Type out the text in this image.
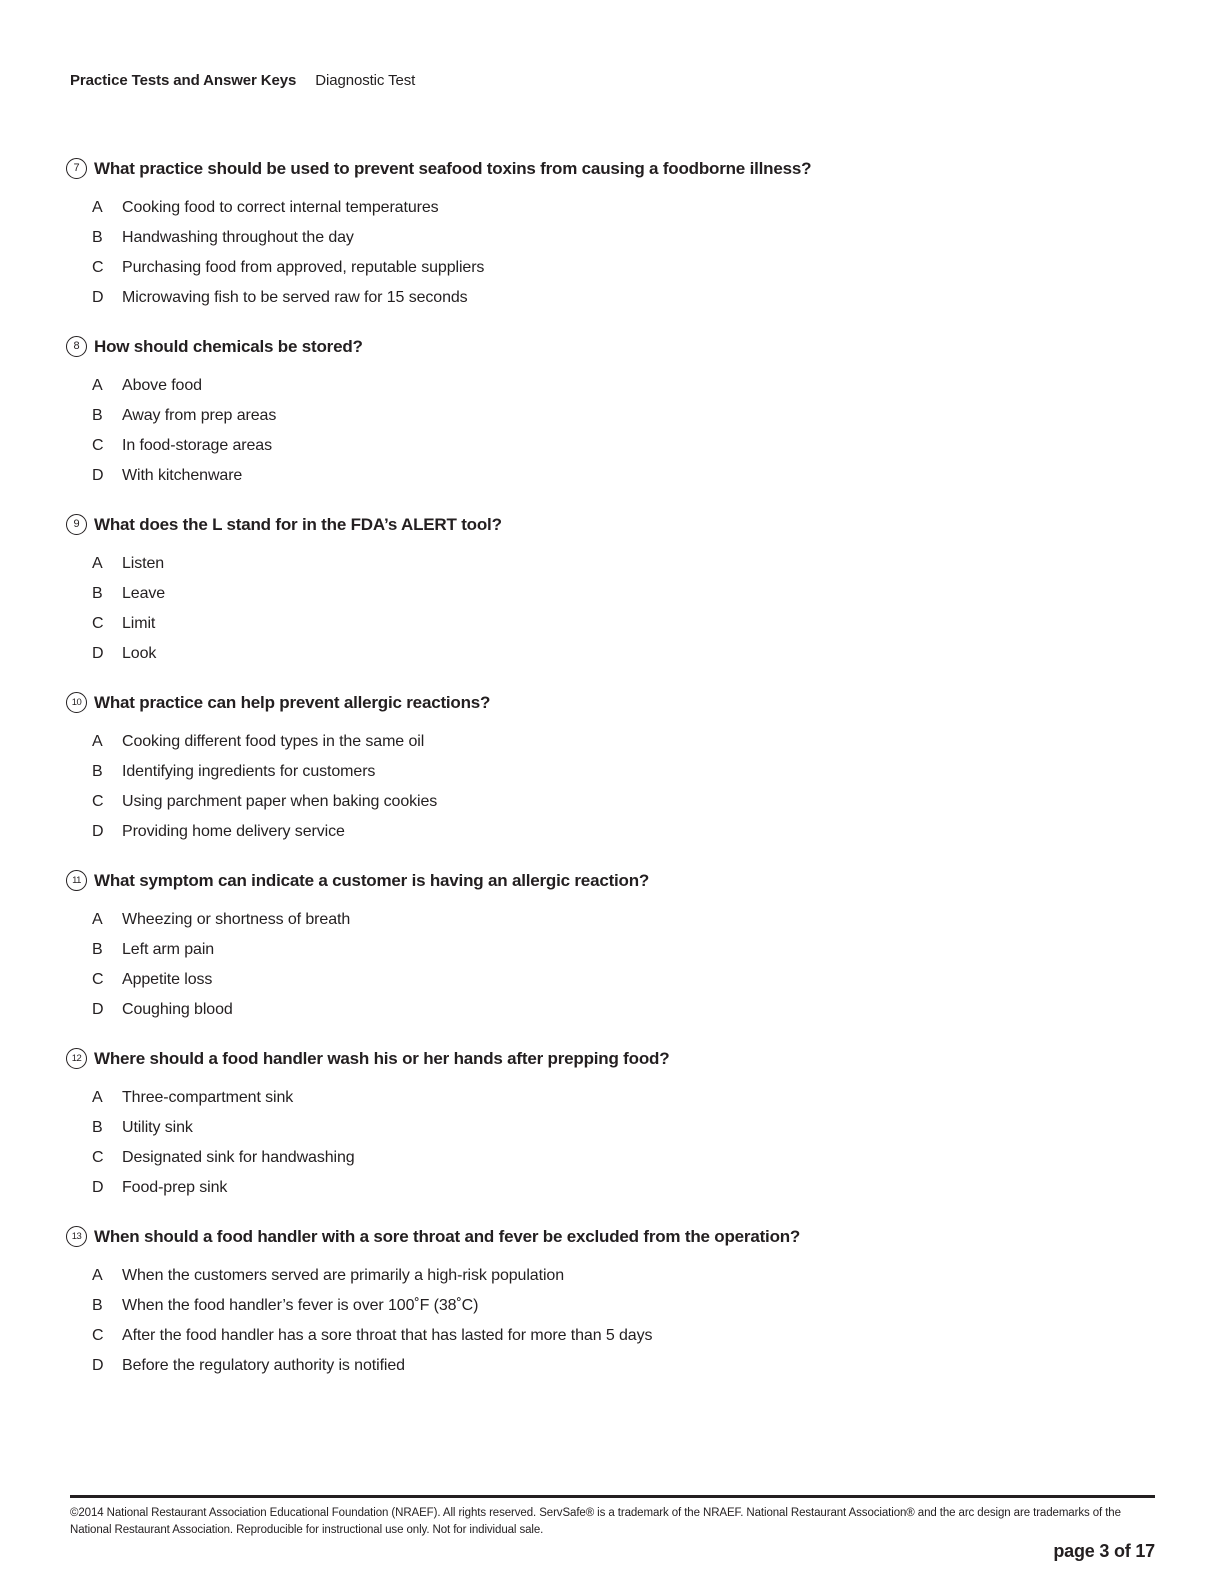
Practice Tests and Answer Keys Diagnostic Test
7 What practice should be used to prevent seafood toxins from causing a foodborne illness?
A	Cooking food to correct internal temperatures
B	Handwashing throughout the day
C	Purchasing food from approved, reputable suppliers
D	Microwaving fish to be served raw for 15 seconds
8 How should chemicals be stored?
A	Above food
B	Away from prep areas
C	In food-storage areas
D	With kitchenware
9 What does the L stand for in the FDA’s ALERT tool?
A	Listen
B	Leave
C	Limit
D	Look
10 What practice can help prevent allergic reactions?
A	Cooking different food types in the same oil
B	Identifying ingredients for customers
C	Using parchment paper when baking cookies
D	Providing home delivery service
11 What symptom can indicate a customer is having an allergic reaction?
A	Wheezing or shortness of breath
B	Left arm pain
C	Appetite loss
D	Coughing blood
12 Where should a food handler wash his or her hands after prepping food?
A	Three-compartment sink
B	Utility sink
C	Designated sink for handwashing
D	Food-prep sink
13 When should a food handler with a sore throat and fever be excluded from the operation?
A	When the customers served are primarily a high-risk population
B	When the food handler’s fever is over 100˚F (38˚C)
C	After the food handler has a sore throat that has lasted for more than 5 days
D	Before the regulatory authority is notified
©2014 National Restaurant Association Educational Foundation (NRAEF). All rights reserved. ServSafe® is a trademark of the NRAEF. National Restaurant Association® and the arc design are trademarks of the National Restaurant Association. Reproducible for instructional use only. Not for individual sale.
page 3 of 17
